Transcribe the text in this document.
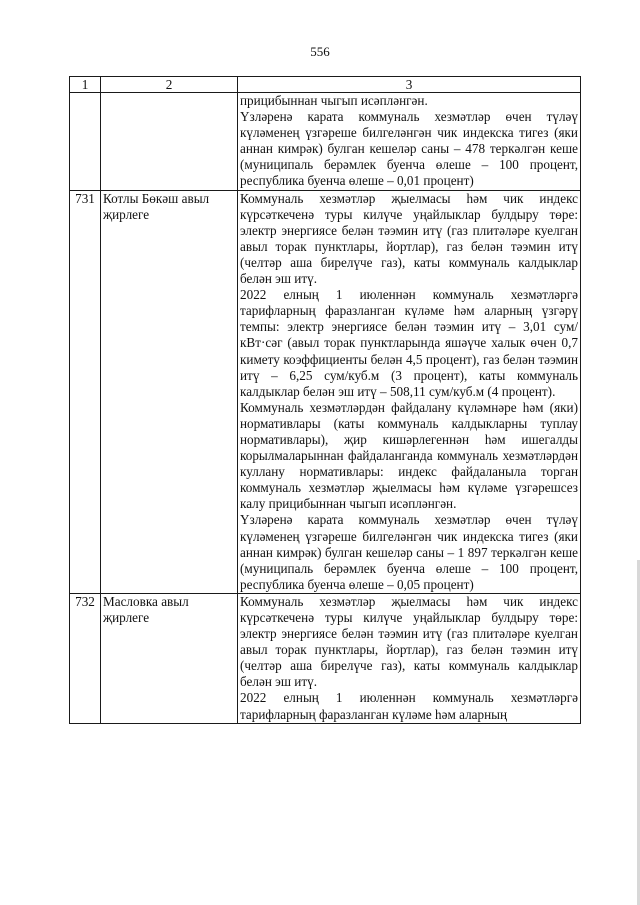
556
1	2	3

		прицибыннан чыгып исәпләнгән.

Үзләренә карата коммуналь хезмәтләр өчен түләү күләменең үзгәреше билгеләнгән чик индекска тигез (яки аннан кимрәк) булган кешеләр саны – 478 теркәлгән кеше (муниципаль берәмлек буенча өлеше – 100 процент, республика буенча өлеше – 0,01 процент)

731	Котлы Бөкәш авыл җирлеге	Коммуналь хезмәтләр җыелмасы һәм чик индекс күрсәткеченә туры килүче уңайлыклар булдыру төре: электр энергиясе белән тәэмин итү (газ плитәләре куелган авыл торак пунктлары, йортлар), газ белән тәэмин итү (челтәр аша бирелүче газ), каты коммуналь калдыклар белән эш итү.

2022 елның 1 июленнән коммуналь хезмәтләргә тарифларның фаразланган күләме һәм аларның үзгәрү темпы: электр энергиясе белән тәэмин итү – 3,01 сум/кВт·сәг (авыл торак пунктларында яшәүче халык өчен 0,7 кимету коэффициенты белән 4,5 процент), газ белән тәэмин итү – 6,25 сум/куб.м (3 процент), каты коммуналь калдыклар белән эш итү – 508,11 сум/куб.м (4 процент).

Коммуналь хезмәтләрдән файдалану күләмнәре һәм (яки) нормативлары (каты коммуналь калдыкларны туплау нормативлары), җир кишәрлегеннән һәм ишегалды корылмаларыннан файдаланганда коммуналь хезмәтләрдән куллану нормативлары: индекс файдаланыла торган коммуналь хезмәтләр җыелмасы һәм күләме үзгәрешсез калу прицибыннан чыгып исәпләнгән.

Үзләренә карата коммуналь хезмәтләр өчен түләү күләменең үзгәреше билгеләнгән чик индекска тигез (яки аннан кимрәк) булган кешеләр саны – 1 897 теркәлгән кеше (муниципаль берәмлек буенча өлеше – 100 процент, республика буенча өлеше – 0,05 процент)

732	Масловка авыл җирлеге	Коммуналь хезмәтләр җыелмасы һәм чик индекс күрсәткеченә туры килүче уңайлыклар булдыру төре: электр энергиясе белән тәэмин итү (газ плитәләре куелган авыл торак пунктлары, йортлар), газ белән тәэмин итү (челтәр аша бирелүче газ), каты коммуналь калдыклар белән эш итү.

2022 елның 1 июленнән коммуналь хезмәтләргә тарифларның фаразланган күләме һәм аларның
